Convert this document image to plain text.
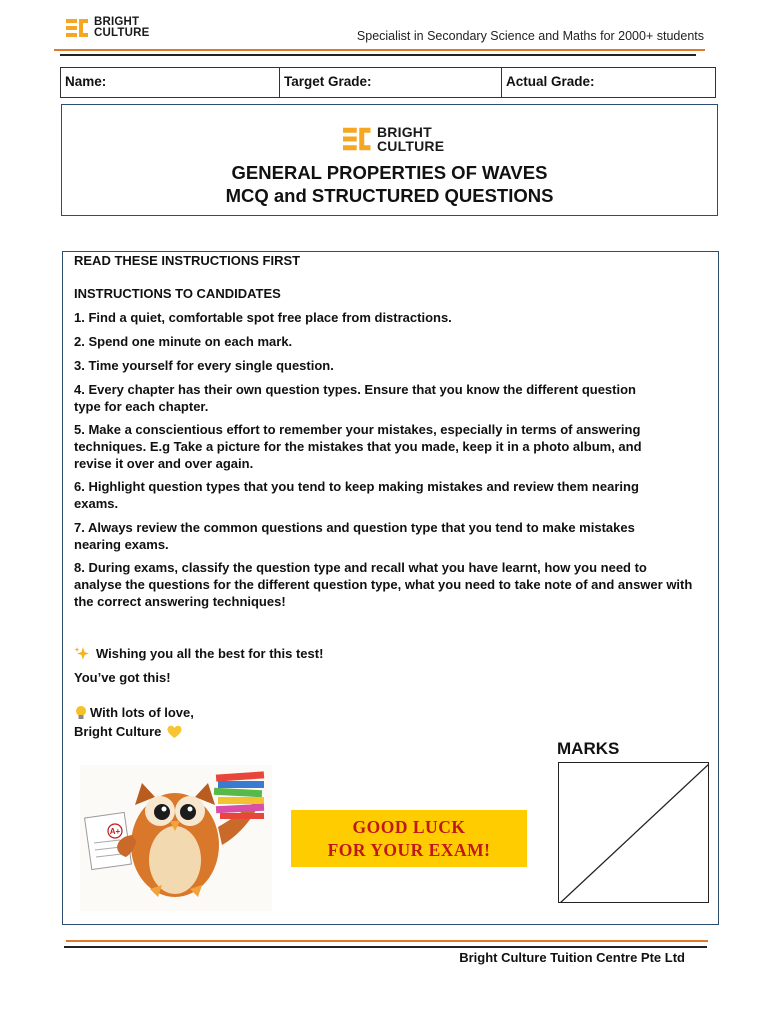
BRIGHT
CULTURE	Specialist in Secondary Science and Maths for 2000+ students
Name:	Target Grade:	Actual Grade:
BRIGHT
CULTURE
GENERAL PROPERTIES OF WAVES
MCQ and STRUCTURED QUESTIONS
READ THESE INSTRUCTIONS FIRST
INSTRUCTIONS TO CANDIDATES
1. Find a quiet, comfortable spot free place from distractions.
2. Spend one minute on each mark.
3. Time yourself for every single question.
4. Every chapter has their own question types. Ensure that you know the different question type for each chapter.
5. Make a conscientious effort to remember your mistakes, especially in terms of answering techniques. E.g Take a picture for the mistakes that you made, keep it in a photo album, and revise it over and over again.
6. Highlight question types that you tend to keep making mistakes and review them nearing exams.
7. Always review the common questions and question type that you tend to make mistakes nearing exams.
8. During exams, classify the question type and recall what you have learnt, how you need to analyse the questions for the different question type, what you need to take note of and answer with the correct answering techniques!
Wishing you all the best for this test!
You’ve got this!
With lots of love,
Bright Culture
A+	GOOD LUCK
FOR YOUR EXAM!
MARKS
Bright Culture Tuition Centre Pte Ltd
